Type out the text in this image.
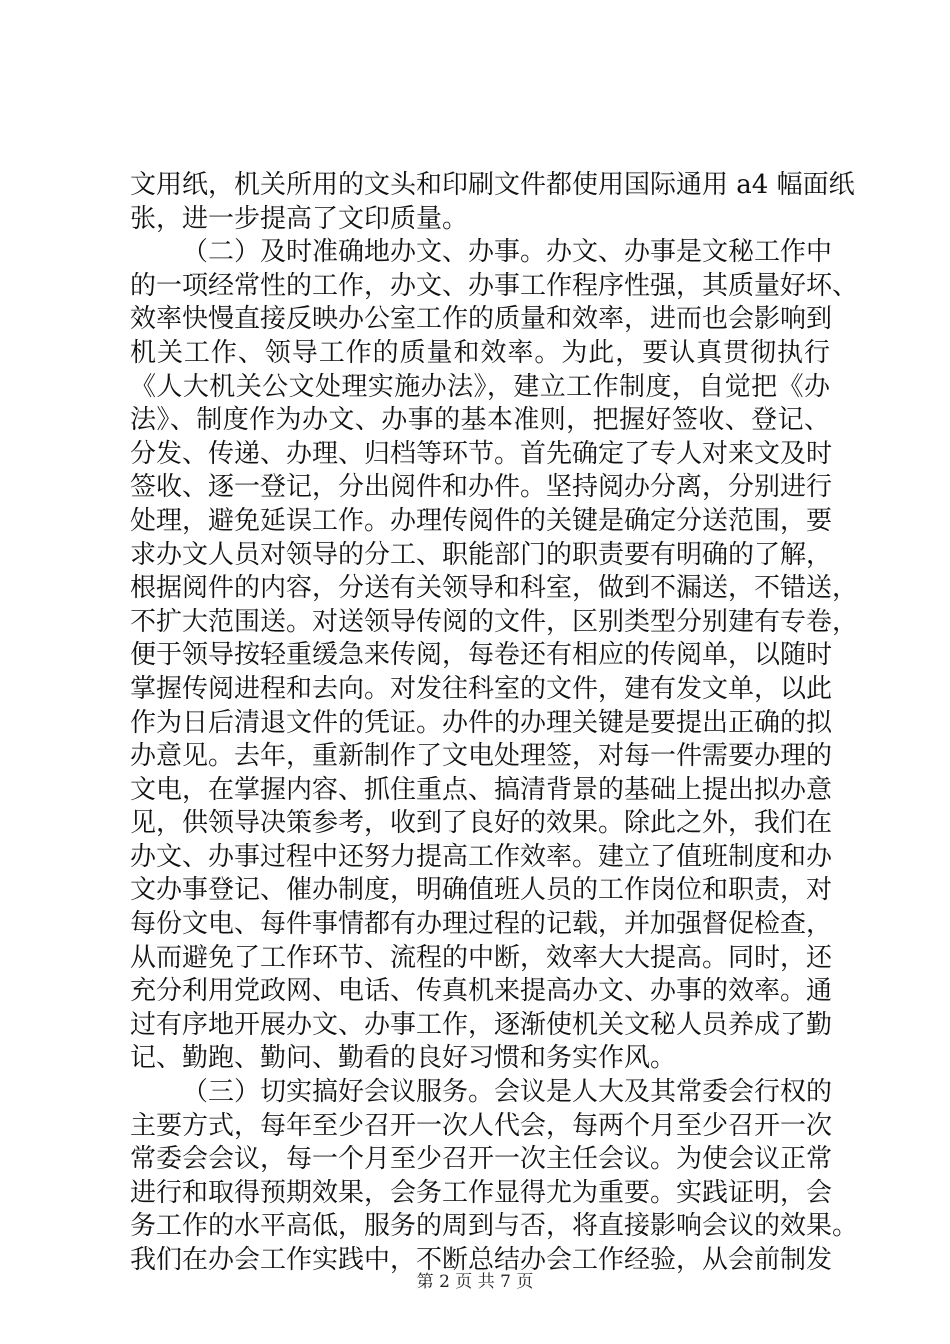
文用纸，机关所用的文头和印刷文件都使用国际通用 a4 幅面纸
张，进一步提高了文印质量。
（二）及时准确地办文、办事。办文、办事是文秘工作中
的一项经常性的工作，办文、办事工作程序性强，其质量好坏、
效率快慢直接反映办公室工作的质量和效率，进而也会影响到
机关工作、领导工作的质量和效率。为此，要认真贯彻执行
《人大机关公文处理实施办法》，建立工作制度，自觉把《办
法》、制度作为办文、办事的基本准则，把握好签收、登记、
分发、传递、办理、归档等环节。首先确定了专人对来文及时
签收、逐一登记，分出阅件和办件。坚持阅办分离，分别进行
处理，避免延误工作。办理传阅件的关键是确定分送范围，要
求办文人员对领导的分工、职能部门的职责要有明确的了解，
根据阅件的内容，分送有关领导和科室，做到不漏送，不错送，
不扩大范围送。对送领导传阅的文件，区别类型分别建有专卷，
便于领导按轻重缓急来传阅，每卷还有相应的传阅单，以随时
掌握传阅进程和去向。对发往科室的文件，建有发文单，以此
作为日后清退文件的凭证。办件的办理关键是要提出正确的拟
办意见。去年，重新制作了文电处理签，对每一件需要办理的
文电，在掌握内容、抓住重点、搞清背景的基础上提出拟办意
见，供领导决策参考，收到了良好的效果。除此之外，我们在
办文、办事过程中还努力提高工作效率。建立了值班制度和办
文办事登记、催办制度，明确值班人员的工作岗位和职责，对
每份文电、每件事情都有办理过程的记载，并加强督促检查，
从而避免了工作环节、流程的中断，效率大大提高。同时，还
充分利用党政网、电话、传真机来提高办文、办事的效率。通
过有序地开展办文、办事工作，逐渐使机关文秘人员养成了勤
记、勤跑、勤问、勤看的良好习惯和务实作风。
（三）切实搞好会议服务。会议是人大及其常委会行权的
主要方式，每年至少召开一次人代会，每两个月至少召开一次
常委会会议，每一个月至少召开一次主任会议。为使会议正常
进行和取得预期效果，会务工作显得尤为重要。实践证明，会
务工作的水平高低，服务的周到与否，将直接影响会议的效果。
我们在办会工作实践中，不断总结办会工作经验，从会前制发
第 2 页 共 7 页
